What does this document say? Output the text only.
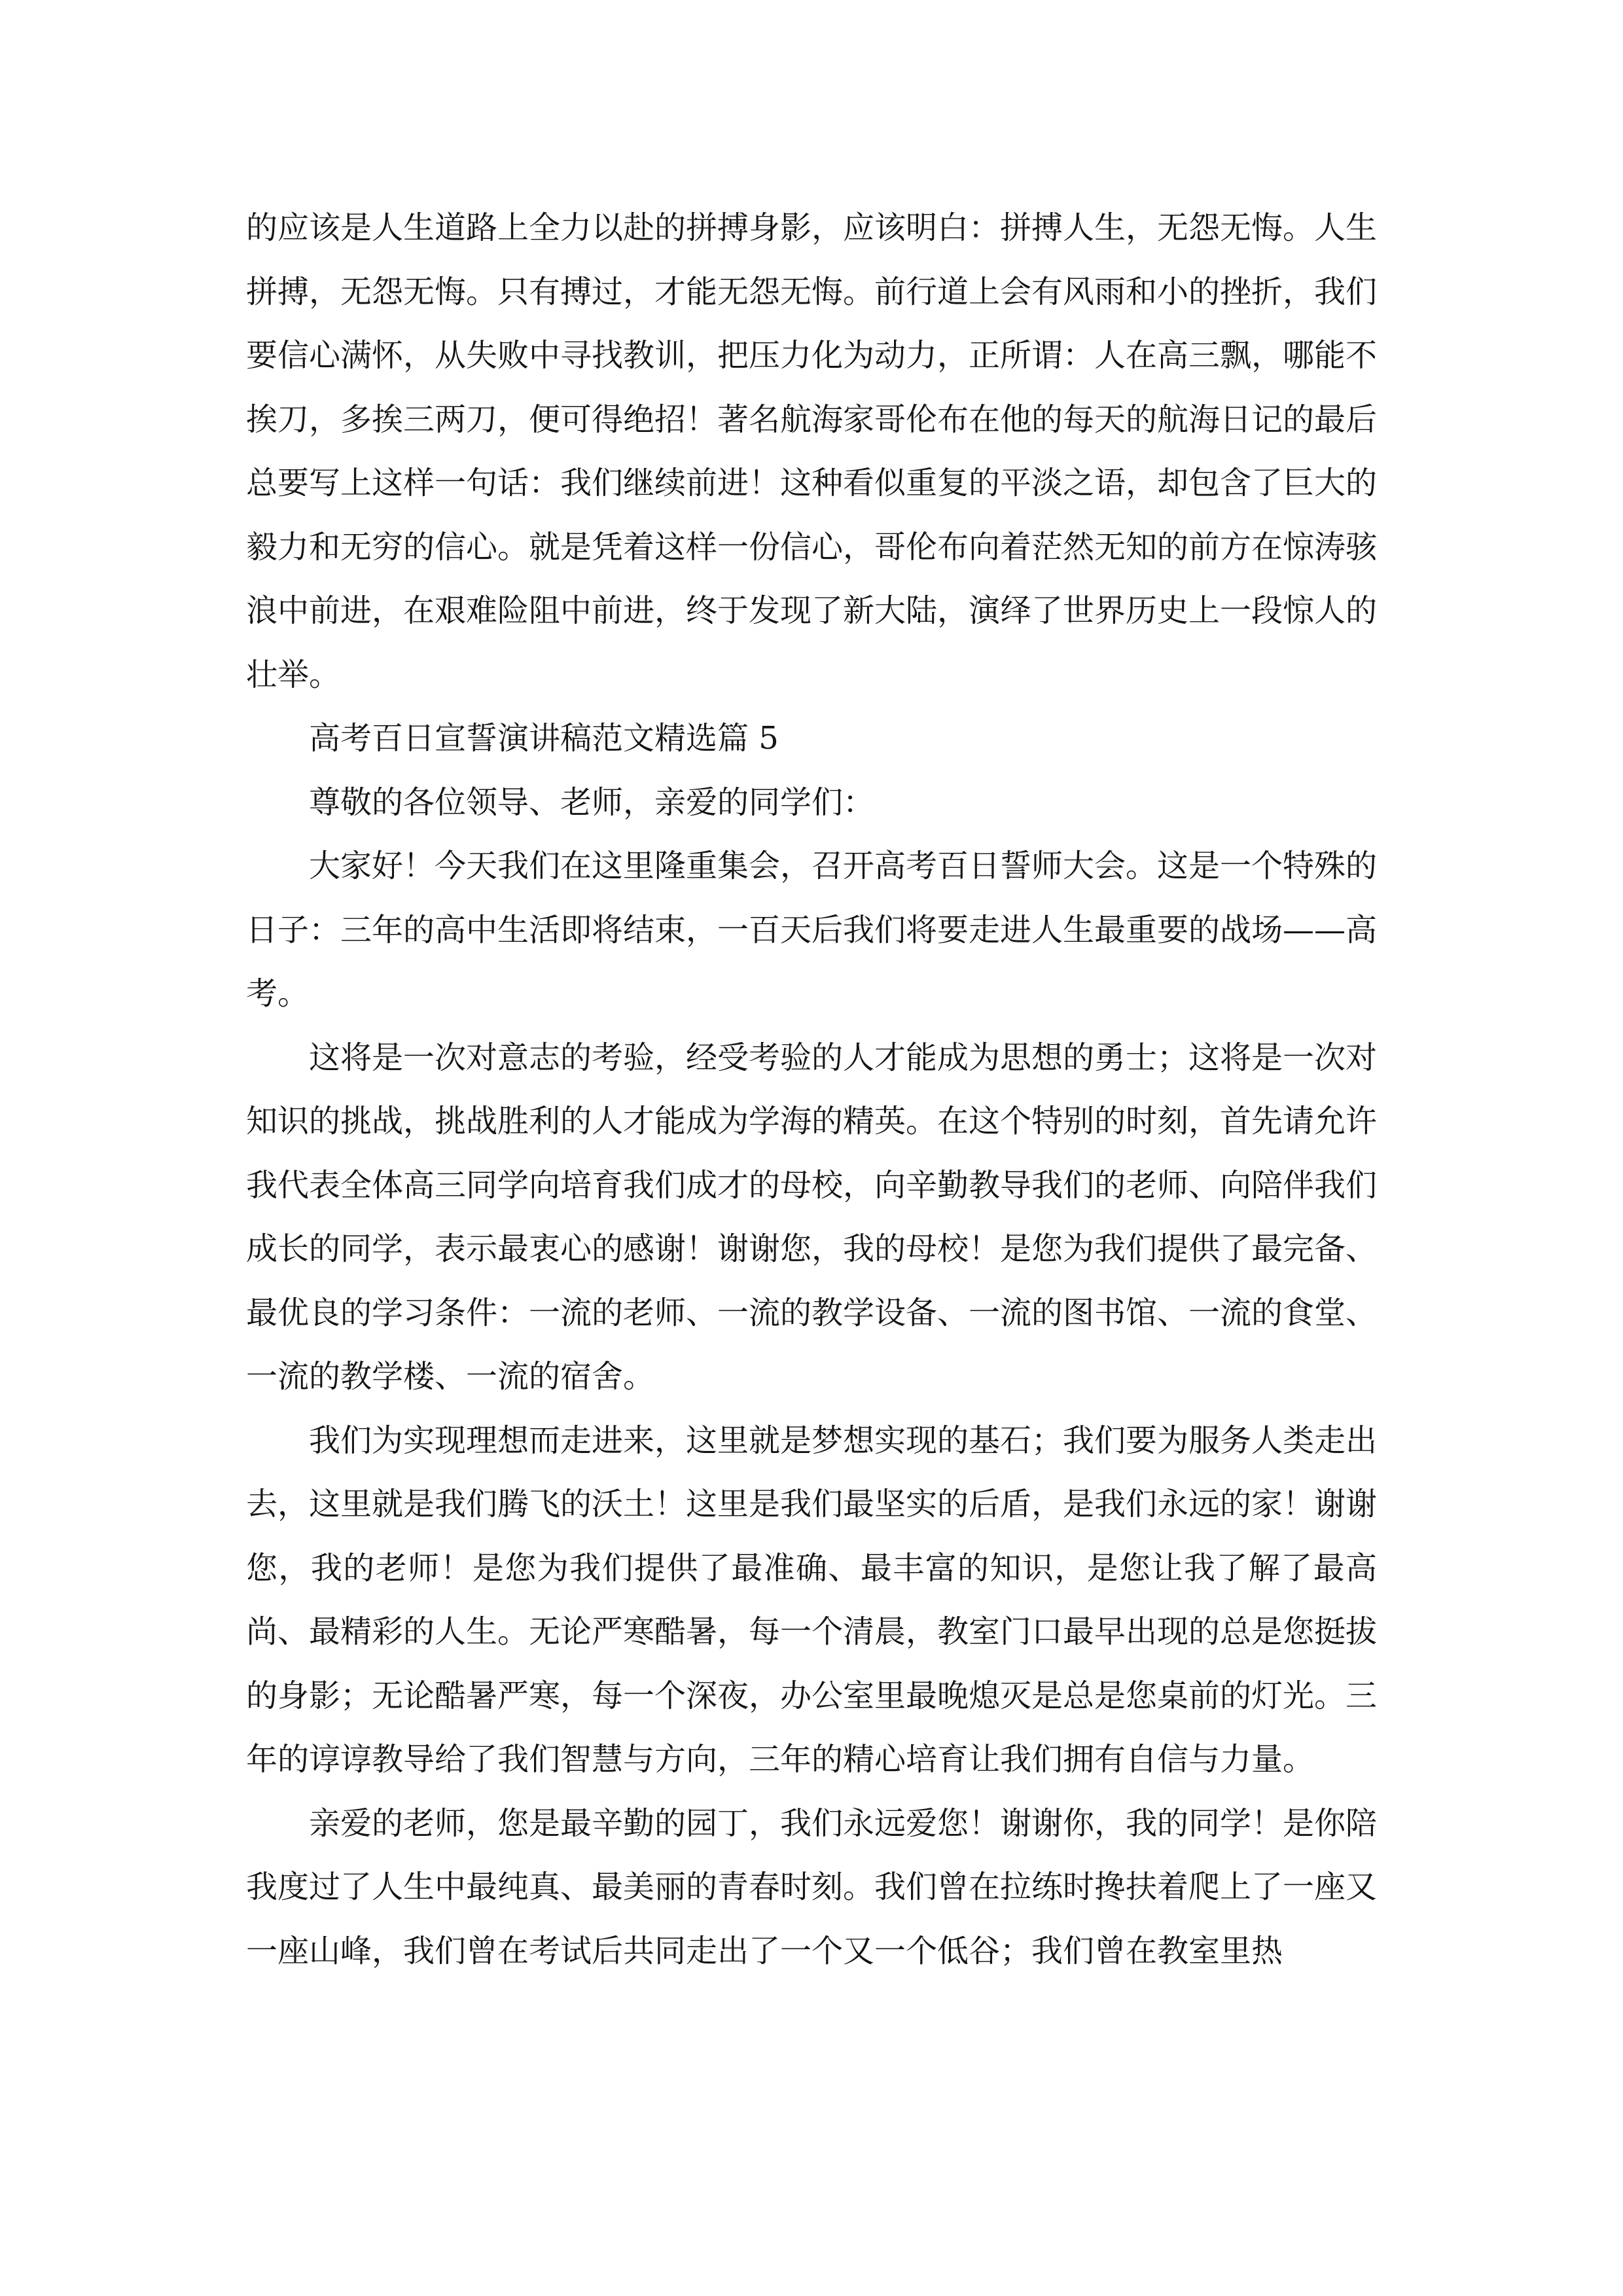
的应该是人生道路上全力以赴的拼搏身影，应该明白：拼搏人生，无怨无悔。人生拼搏，无怨无悔。只有搏过，才能无怨无悔。前行道上会有风雨和小的挫折，我们要信心满怀，从失败中寻找教训，把压力化为动力，正所谓：人在高三飘，哪能不挨刀，多挨三两刀，便可得绝招！著名航海家哥伦布在他的每天的航海日记的最后总要写上这样一句话：我们继续前进！这种看似重复的平淡之语，却包含了巨大的毅力和无穷的信心。就是凭着这样一份信心，哥伦布向着茫然无知的前方在惊涛骇浪中前进，在艰难险阻中前进，终于发现了新大陆，演绎了世界历史上一段惊人的壮举。

高考百日宣誓演讲稿范文精选篇 5

尊敬的各位领导、老师，亲爱的同学们：

大家好！今天我们在这里隆重集会，召开高考百日誓师大会。这是一个特殊的日子：三年的高中生活即将结束，一百天后我们将要走进人生最重要的战场——高考。

这将是一次对意志的考验，经受考验的人才能成为思想的勇士；这将是一次对知识的挑战，挑战胜利的人才能成为学海的精英。在这个特别的时刻，首先请允许我代表全体高三同学向培育我们成才的母校，向辛勤教导我们的老师、向陪伴我们成长的同学，表示最衷心的感谢！谢谢您，我的母校！是您为我们提供了最完备、最优良的学习条件：一流的老师、一流的教学设备、一流的图书馆、一流的食堂、一流的教学楼、一流的宿舍。

我们为实现理想而走进来，这里就是梦想实现的基石；我们要为服务人类走出去，这里就是我们腾飞的沃土！这里是我们最坚实的后盾，是我们永远的家！谢谢您，我的老师！是您为我们提供了最准确、最丰富的知识，是您让我了解了最高尚、最精彩的人生。无论严寒酷暑，每一个清晨，教室门口最早出现的总是您挺拔的身影；无论酷暑严寒，每一个深夜，办公室里最晚熄灭是总是您桌前的灯光。三年的谆谆教导给了我们智慧与方向，三年的精心培育让我们拥有自信与力量。

亲爱的老师，您是最辛勤的园丁，我们永远爱您！谢谢你，我的同学！是你陪我度过了人生中最纯真、最美丽的青春时刻。我们曾在拉练时搀扶着爬上了一座又一座山峰，我们曾在考试后共同走出了一个又一个低谷；我们曾在教室里热
